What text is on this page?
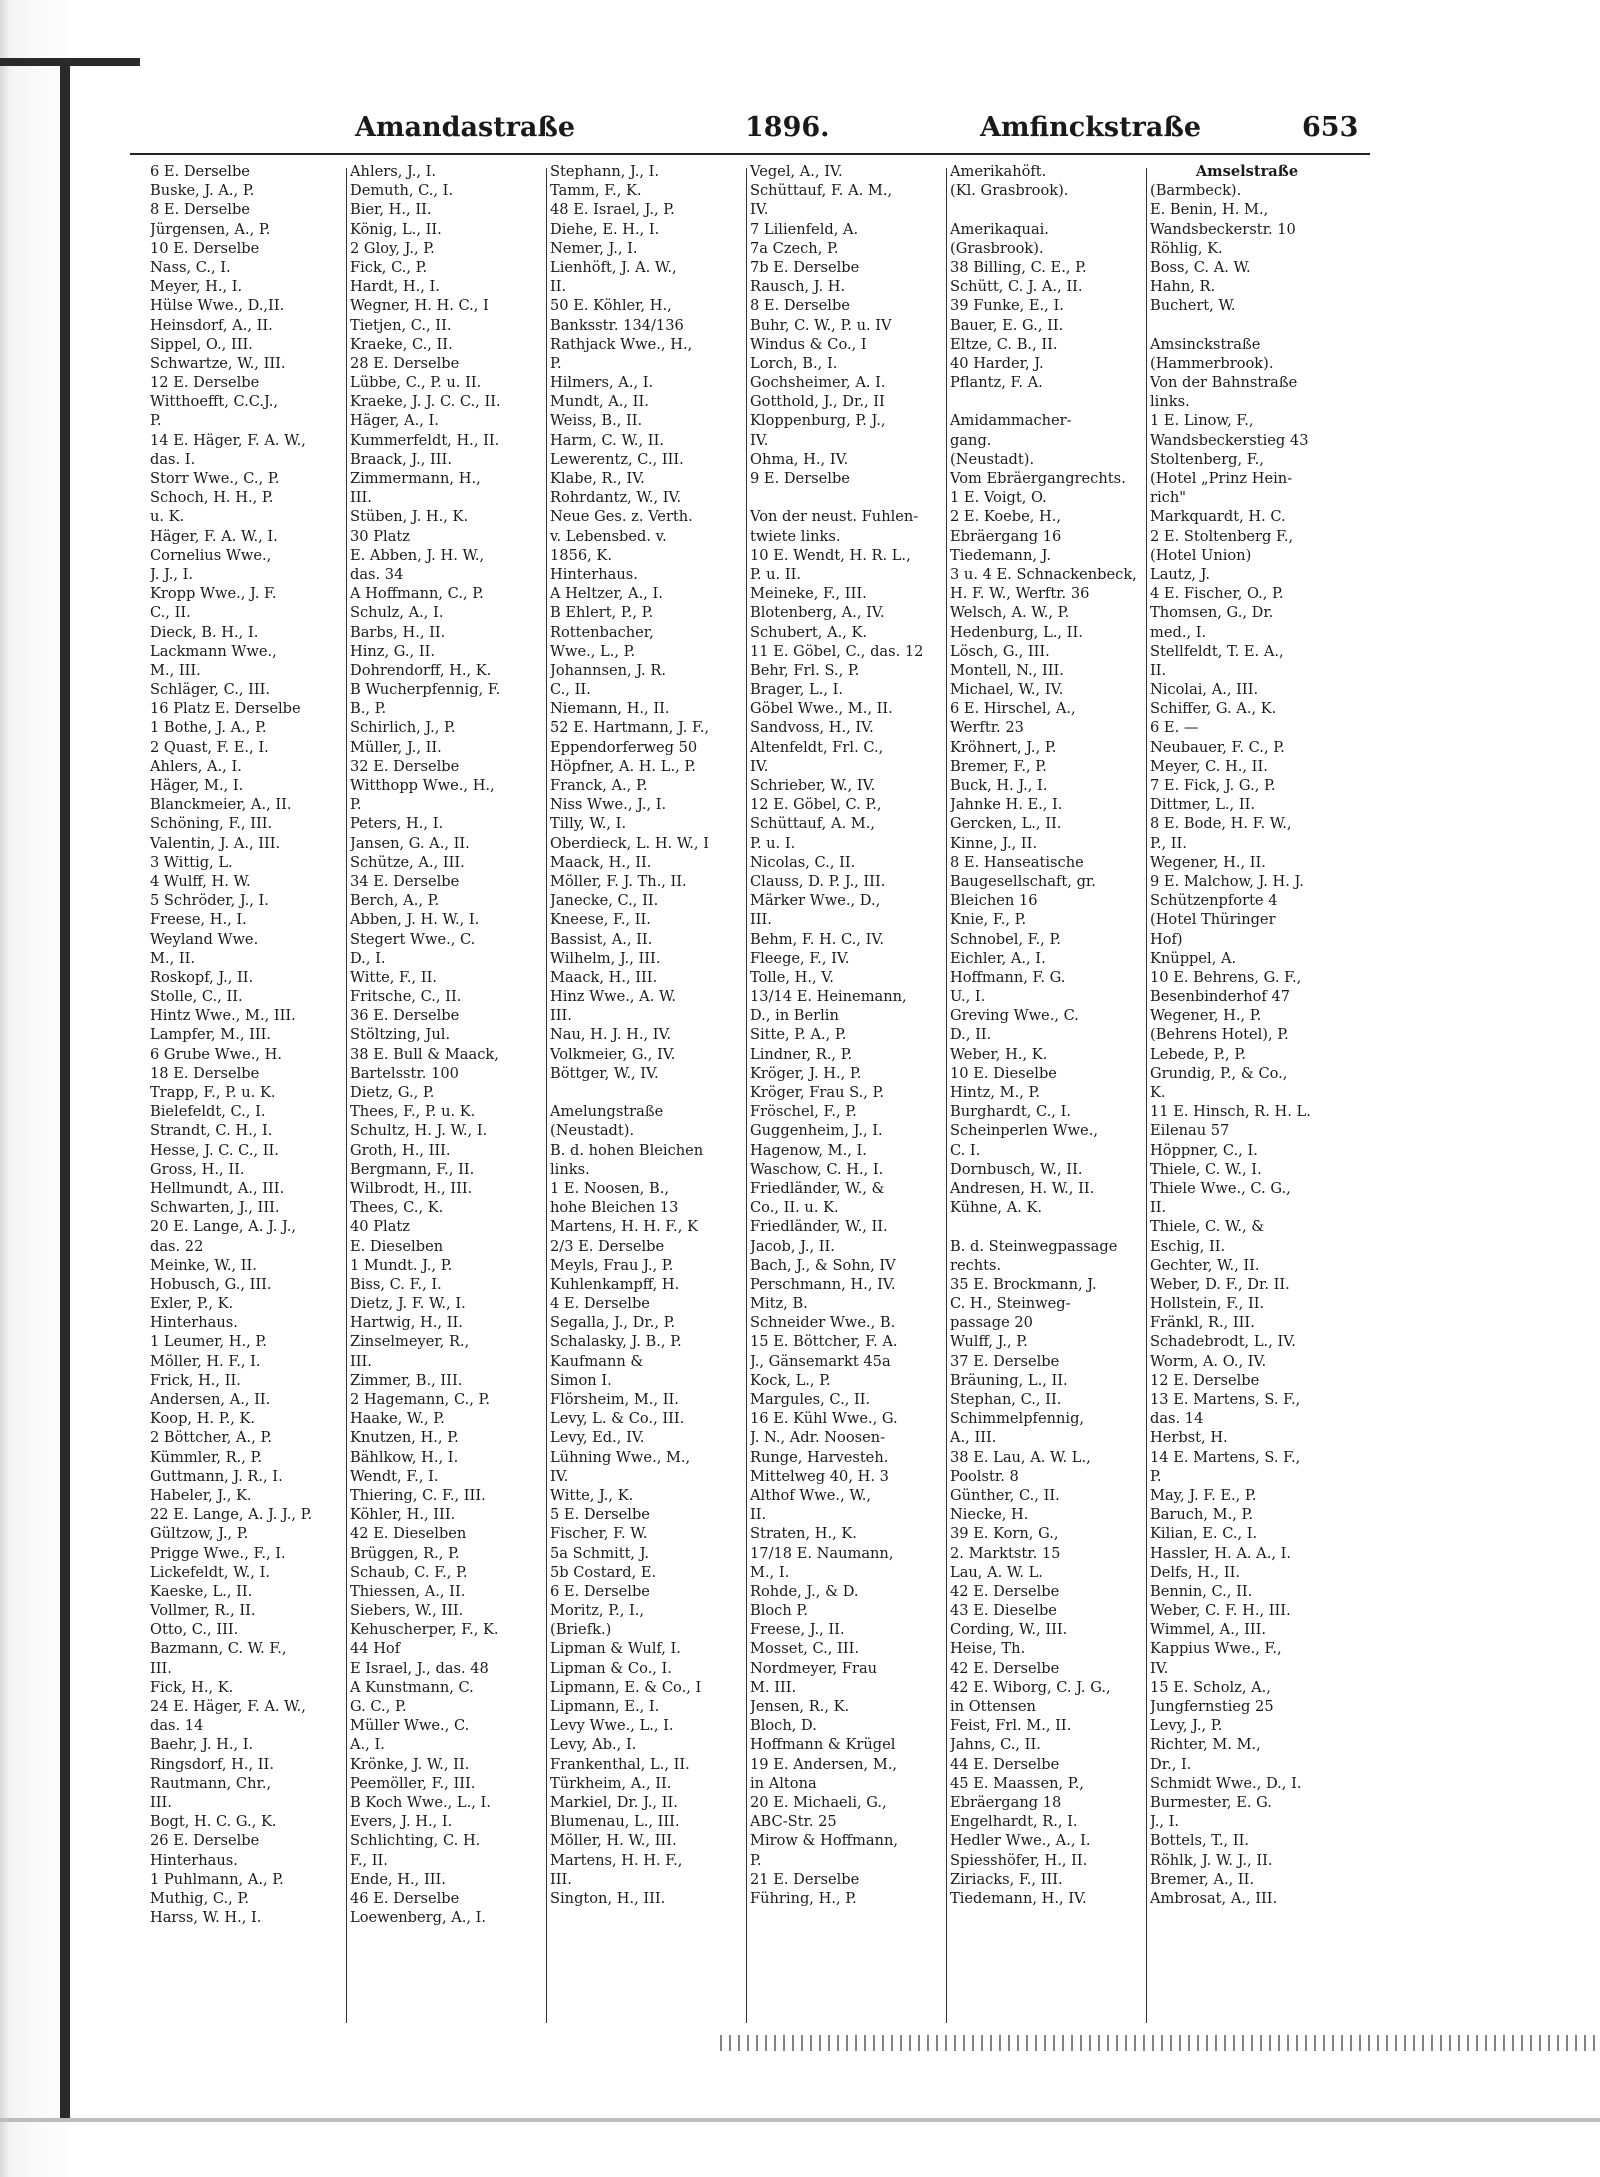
Amandastraße	1896.	Amfinckstraße	653
6 E. Derselbe
Buske, J. A., P.
8 E. Derselbe
Jürgensen, A., P.
10 E. Derselbe
Nass, C., I.
Meyer, H., I.
Hülse Wwe., D.,II.
Heinsdorf, A., II.
Sippel, O., III.
Schwartze, W., III.
12 E. Derselbe
Witthoefft, C.C.J.,
P.
14 E. Häger, F. A. W.,
das. I.
Storr Wwe., C., P.
Schoch, H. H., P.
u. K.
Häger, F. A. W., I.
Cornelius Wwe.,
J. J., I.
Kropp Wwe., J. F.
C., II.
Dieck, B. H., I.
Lackmann Wwe.,
M., III.
Schläger, C., III.
16 Platz E. Derselbe
1 Bothe, J. A., P.
2 Quast, F. E., I.
Ahlers, A., I.
Häger, M., I.
Blanckmeier, A., II.
Schöning, F., III.
Valentin, J. A., III.
3 Wittig, L.
4 Wulff, H. W.
5 Schröder, J., I.
Freese, H., I.
Weyland Wwe.
M., II.
Roskopf, J., II.
Stolle, C., II.
Hintz Wwe., M., III.
Lampfer, M., III.
6 Grube Wwe., H.
18 E. Derselbe
Trapp, F., P. u. K.
Bielefeldt, C., I.
Strandt, C. H., I.
Hesse, J. C. C., II.
Gross, H., II.
Hellmundt, A., III.
Schwarten, J., III.
20 E. Lange, A. J. J.,
das. 22
Meinke, W., II.
Hobusch, G., III.
Exler, P., K.
Hinterhaus.
1 Leumer, H., P.
Möller, H. F., I.
Frick, H., II.
Andersen, A., II.
Koop, H. P., K.
2 Böttcher, A., P.
Kümmler, R., P.
Guttmann, J. R., I.
Habeler, J., K.
22 E. Lange, A. J. J., P.
Gültzow, J., P.
Prigge Wwe., F., I.
Lickefeldt, W., I.
Kaeske, L., II.
Vollmer, R., II.
Otto, C., III.
Bazmann, C. W. F.,
III.
Fick, H., K.
24 E. Häger, F. A. W.,
das. 14
Baehr, J. H., I.
Ringsdorf, H., II.
Rautmann, Chr.,
III.
Bogt, H. C. G., K.
26 E. Derselbe
Hinterhaus.
1 Puhlmann, A., P.
Muthig, C., P.
Harss, W. H., I.
Ahlers, J., I.
Demuth, C., I.
Bier, H., II.
König, L., II.
2 Gloy, J., P.
Fick, C., P.
Hardt, H., I.
Wegner, H. H. C., I
Tietjen, C., II.
Kraeke, C., II.
28 E. Derselbe
Lübbe, C., P. u. II.
Kraeke, J. J. C. C., II.
Häger, A., I.
Kummerfeldt, H., II.
Braack, J., III.
Zimmermann, H.,
III.
Stüben, J. H., K.
30 Platz
E. Abben, J. H. W.,
das. 34
A Hoffmann, C., P.
Schulz, A., I.
Barbs, H., II.
Hinz, G., II.
Dohrendorff, H., K.
B Wucherpfennig, F.
B., P.
Schirlich, J., P.
Müller, J., II.
32 E. Derselbe
Witthopp Wwe., H.,
P.
Peters, H., I.
Jansen, G. A., II.
Schütze, A., III.
34 E. Derselbe
Berch, A., P.
Abben, J. H. W., I.
Stegert Wwe., C.
D., I.
Witte, F., II.
Fritsche, C., II.
36 E. Derselbe
Stöltzing, Jul.
38 E. Bull & Maack,
Bartelsstr. 100
Dietz, G., P.
Thees, F., P. u. K.
Schultz, H. J. W., I.
Groth, H., III.
Bergmann, F., II.
Wilbrodt, H., III.
Thees, C., K.
40 Platz
E. Dieselben
1 Mundt. J., P.
Biss, C. F., I.
Dietz, J. F. W., I.
Hartwig, H., II.
Zinselmeyer, R.,
III.
Zimmer, B., III.
2 Hagemann, C., P.
Haake, W., P.
Knutzen, H., P.
Bählkow, H., I.
Wendt, F., I.
Thiering, C. F., III.
Köhler, H., III.
42 E. Dieselben
Brüggen, R., P.
Schaub, C. F., P.
Thiessen, A., II.
Siebers, W., III.
Kehuscherper, F., K.
44 Hof
E Israel, J., das. 48
A Kunstmann, C.
G. C., P.
Müller Wwe., C.
A., I.
Krönke, J. W., II.
Peemöller, F., III.
B Koch Wwe., L., I.
Evers, J. H., I.
Schlichting, C. H.
F., II.
Ende, H., III.
46 E. Derselbe
Loewenberg, A., I.
Stephann, J., I.
Tamm, F., K.
48 E. Israel, J., P.
Diehe, E. H., I.
Nemer, J., I.
Lienhöft, J. A. W.,
II.
50 E. Köhler, H.,
Banksstr. 134/136
Rathjack Wwe., H.,
P.
Hilmers, A., I.
Mundt, A., II.
Weiss, B., II.
Harm, C. W., II.
Lewerentz, C., III.
Klabe, R., IV.
Rohrdantz, W., IV.
Neue Ges. z. Verth.
v. Lebensbed. v.
1856, K.
Hinterhaus.
A Heltzer, A., I.
B Ehlert, P., P.
Rottenbacher,
Wwe., L., P.
Johannsen, J. R.
C., II.
Niemann, H., II.
52 E. Hartmann, J. F.,
Eppendorferweg 50
Höpfner, A. H. L., P.
Franck, A., P.
Niss Wwe., J., I.
Tilly, W., I.
Oberdieck, L. H. W., I
Maack, H., II.
Möller, F. J. Th., II.
Janecke, C., II.
Kneese, F., II.
Bassist, A., II.
Wilhelm, J., III.
Maack, H., III.
Hinz Wwe., A. W.
III.
Nau, H. J. H., IV.
Volkmeier, G., IV.
Böttger, W., IV.
Amelungstraße
(Neustadt).
B. d. hohen Bleichen
links.
1 E. Noosen, B.,
hohe Bleichen 13
Martens, H. H. F., K
2/3 E. Derselbe
Meyls, Frau J., P.
Kuhlenkampff, H.
4 E. Derselbe
Segalla, J., Dr., P.
Schalasky, J. B., P.
Kaufmann &
Simon I.
Flörsheim, M., II.
Levy, L. & Co., III.
Levy, Ed., IV.
Lühning Wwe., M.,
IV.
Witte, J., K.
5 E. Derselbe
Fischer, F. W.
5a Schmitt, J.
5b Costard, E.
6 E. Derselbe
Moritz, P., I.,
(Briefk.)
Lipman & Wulf, I.
Lipman & Co., I.
Lipmann, E. & Co., I
Lipmann, E., I.
Levy Wwe., L., I.
Levy, Ab., I.
Frankenthal, L., II.
Türkheim, A., II.
Markiel, Dr. J., II.
Blumenau, L., III.
Möller, H. W., III.
Martens, H. H. F.,
III.
Sington, H., III.
Vegel, A., IV.
Schüttauf, F. A. M.,
IV.
7 Lilienfeld, A.
7a Czech, P.
7b E. Derselbe
Rausch, J. H.
8 E. Derselbe
Buhr, C. W., P. u. IV
Windus & Co., I
Lorch, B., I.
Gochsheimer, A. I.
Gotthold, J., Dr., II
Kloppenburg, P. J.,
IV.
Ohma, H., IV.
9 E. Derselbe
Von der neust. Fuhlen-
twiete links.
10 E. Wendt, H. R. L.,
P. u. II.
Meineke, F., III.
Blotenberg, A., IV.
Schubert, A., K.
11 E. Göbel, C., das. 12
Behr, Frl. S., P.
Brager, L., I.
Göbel Wwe., M., II.
Sandvoss, H., IV.
Altenfeldt, Frl. C.,
IV.
Schrieber, W., IV.
12 E. Göbel, C. P.,
Schüttauf, A. M.,
P. u. I.
Nicolas, C., II.
Clauss, D. P. J., III.
Märker Wwe., D.,
III.
Behm, F. H. C., IV.
Fleege, F., IV.
Tolle, H., V.
13/14 E. Heinemann,
D., in Berlin
Sitte, P. A., P.
Lindner, R., P.
Kröger, J. H., P.
Kröger, Frau S., P.
Fröschel, F., P.
Guggenheim, J., I.
Hagenow, M., I.
Waschow, C. H., I.
Friedländer, W., &
Co., II. u. K.
Friedländer, W., II.
Jacob, J., II.
Bach, J., & Sohn, IV
Perschmann, H., IV.
Mitz, B.
Schneider Wwe., B.
15 E. Böttcher, F. A.
J., Gänsemarkt 45a
Kock, L., P.
Margules, C., II.
16 E. Kühl Wwe., G.
J. N., Adr. Noosen-
Runge, Harvesteh.
Mittelweg 40, H. 3
Althof Wwe., W.,
II.
Straten, H., K.
17/18 E. Naumann,
M., I.
Rohde, J., & D.
Bloch P.
Freese, J., II.
Mosset, C., III.
Nordmeyer, Frau
M. III.
Jensen, R., K.
Bloch, D.
Hoffmann & Krügel
19 E. Andersen, M.,
in Altona
20 E. Michaeli, G.,
ABC-Str. 25
Mirow & Hoffmann,
P.
21 E. Derselbe
Führing, H., P.
Amerikahöft.
(Kl. Grasbrook).
Amerikaquai.
(Grasbrook).
38 Billing, C. E., P.
Schütt, C. J. A., II.
39 Funke, E., I.
Bauer, E. G., II.
Eltze, C. B., II.
40 Harder, J.
Pflantz, F. A.
Amidammacher-
gang.
(Neustadt).
Vom Ebräergangrechts.
1 E. Voigt, O.
2 E. Koebe, H.,
Ebräergang 16
Tiedemann, J.
3 u. 4 E. Schnackenbeck,
H. F. W., Werftr. 36
Welsch, A. W., P.
Hedenburg, L., II.
Lösch, G., III.
Montell, N., III.
Michael, W., IV.
6 E. Hirschel, A.,
Werftr. 23
Kröhnert, J., P.
Bremer, F., P.
Buck, H. J., I.
Jahnke H. E., I.
Gercken, L., II.
Kinne, J., II.
8 E. Hanseatische
Baugesellschaft, gr.
Bleichen 16
Knie, F., P.
Schnobel, F., P.
Eichler, A., I.
Hoffmann, F. G.
U., I.
Greving Wwe., C.
D., II.
Weber, H., K.
10 E. Dieselbe
Hintz, M., P.
Burghardt, C., I.
Scheinperlen Wwe.,
C. I.
Dornbusch, W., II.
Andresen, H. W., II.
Kühne, A. K.
B. d. Steinwegpassage
rechts.
35 E. Brockmann, J.
C. H., Steinweg-
passage 20
Wulff, J., P.
37 E. Derselbe
Bräuning, L., II.
Stephan, C., II.
Schimmelpfennig,
A., III.
38 E. Lau, A. W. L.,
Poolstr. 8
Günther, C., II.
Niecke, H.
39 E. Korn, G.,
2. Marktstr. 15
Lau, A. W. L.
42 E. Derselbe
43 E. Dieselbe
Cording, W., III.
Heise, Th.
42 E. Derselbe
42 E. Wiborg, C. J. G.,
in Ottensen
Feist, Frl. M., II.
Jahns, C., II.
44 E. Derselbe
45 E. Maassen, P.,
Ebräergang 18
Engelhardt, R., I.
Hedler Wwe., A., I.
Spiesshöfer, H., II.
Ziriacks, F., III.
Tiedemann, H., IV.
Amselstraße
(Barmbeck).
E. Benin, H. M.,
Wandsbeckerstr. 10
Röhlig, K.
Boss, C. A. W.
Hahn, R.
Buchert, W.
Amsinckstraße
(Hammerbrook).
Von der Bahnstraße
links.
1 E. Linow, F.,
Wandsbeckerstieg 43
Stoltenberg, F.,
(Hotel „Prinz Hein-
rich"
Markquardt, H. C.
2 E. Stoltenberg F.,
(Hotel Union)
Lautz, J.
4 E. Fischer, O., P.
Thomsen, G., Dr.
med., I.
Stellfeldt, T. E. A.,
II.
Nicolai, A., III.
Schiffer, G. A., K.
6 E. —
Neubauer, F. C., P.
Meyer, C. H., II.
7 E. Fick, J. G., P.
Dittmer, L., II.
8 E. Bode, H. F. W.,
P., II.
Wegener, H., II.
9 E. Malchow, J. H. J.
Schützenpforte 4
(Hotel Thüringer
Hof)
Knüppel, A.
10 E. Behrens, G. F.,
Besenbinderhof 47
Wegener, H., P.
(Behrens Hotel), P.
Lebede, P., P.
Grundig, P., & Co.,
K.
11 E. Hinsch, R. H. L.
Eilenau 57
Höppner, C., I.
Thiele, C. W., I.
Thiele Wwe., C. G.,
II.
Thiele, C. W., &
Eschig, II.
Gechter, W., II.
Weber, D. F., Dr. II.
Hollstein, F., II.
Fränkl, R., III.
Schadebrodt, L., IV.
Worm, A. O., IV.
12 E. Derselbe
13 E. Martens, S. F.,
das. 14
Herbst, H.
14 E. Martens, S. F.,
P.
May, J. F. E., P.
Baruch, M., P.
Kilian, E. C., I.
Hassler, H. A. A., I.
Delfs, H., II.
Bennin, C., II.
Weber, C. F. H., III.
Wimmel, A., III.
Kappius Wwe., F.,
IV.
15 E. Scholz, A.,
Jungfernstieg 25
Levy, J., P.
Richter, M. M.,
Dr., I.
Schmidt Wwe., D., I.
Burmester, E. G.
J., I.
Bottels, T., II.
Röhlk, J. W. J., II.
Bremer, A., II.
Ambrosat, A., III.
